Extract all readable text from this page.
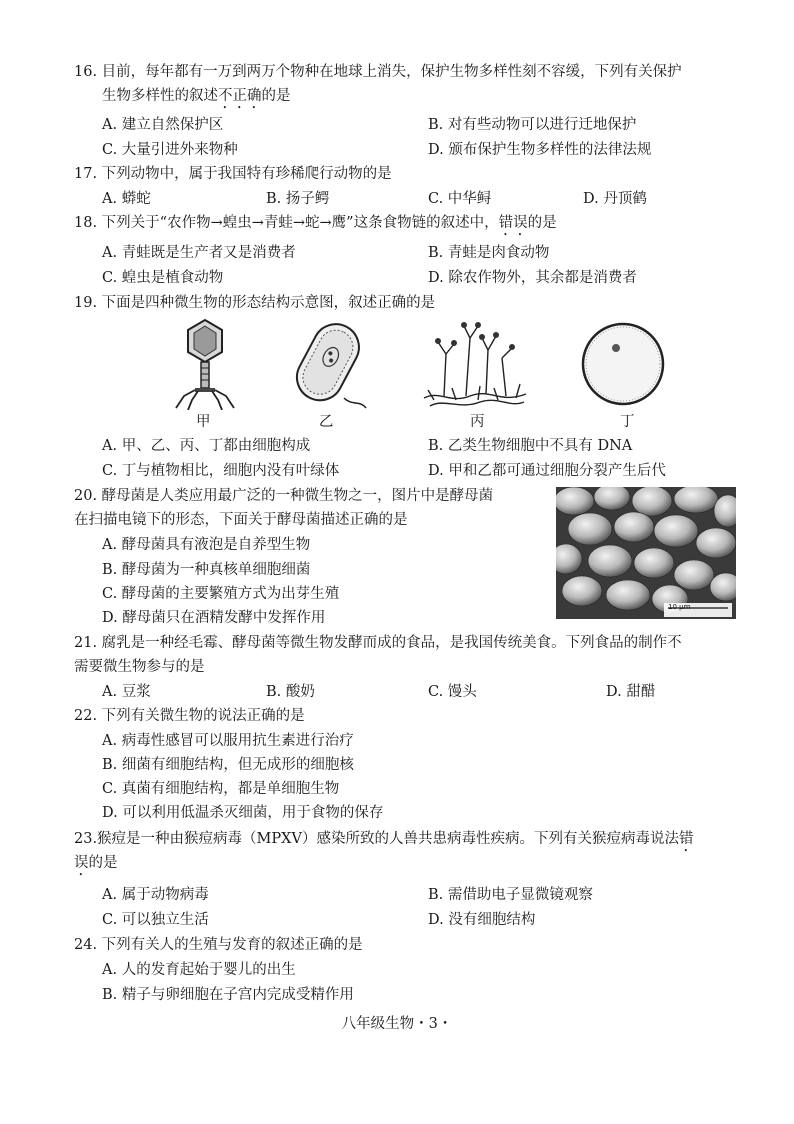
16. 目前，每年都有一万到两万个物种在地球上消失，保护生物多样性刻不容缓，下列有关保护
生物多样性的叙述不正确的是
A. 建立自然保护区	B. 对有些动物可以进行迁地保护
C. 大量引进外来物种	D. 颁布保护生物多样性的法律法规
17. 下列动物中，属于我国特有珍稀爬行动物的是
A. 蟒蛇	B. 扬子鳄	C. 中华鲟	D. 丹顶鹤
18. 下列关于“农作物→蝗虫→青蛙→蛇→鹰”这条食物链的叙述中，错误的是
A. 青蛙既是生产者又是消费者	B. 青蛙是肉食动物
C. 蝗虫是植食动物	D. 除农作物外，其余都是消费者
19. 下面是四种微生物的形态结构示意图，叙述正确的是
甲	乙	丙	丁
A. 甲、乙、丙、丁都由细胞构成	B. 乙类生物细胞中不具有 DNA
C. 丁与植物相比，细胞内没有叶绿体	D. 甲和乙都可通过细胞分裂产生后代
20. 酵母菌是人类应用最广泛的一种微生物之一，图片中是酵母菌
在扫描电镜下的形态，下面关于酵母菌描述正确的是
A. 酵母菌具有液泡是自养型生物
B. 酵母菌为一种真核单细胞细菌
C. 酵母菌的主要繁殖方式为出芽生殖
D. 酵母菌只在酒精发酵中发挥作用
10 μm
21. 腐乳是一种经毛霉、酵母菌等微生物发酵而成的食品，是我国传统美食。下列食品的制作不
需要微生物参与的是
A. 豆浆	B. 酸奶	C. 馒头	D. 甜醋
22. 下列有关微生物的说法正确的是
A. 病毒性感冒可以服用抗生素进行治疗
B. 细菌有细胞结构，但无成形的细胞核
C. 真菌有细胞结构，都是单细胞生物
D. 可以利用低温杀灭细菌，用于食物的保存
23.猴痘是一种由猴痘病毒（MPXV）感染所致的人兽共患病毒性疾病。下列有关猴痘病毒说法错
误的是
A. 属于动物病毒	B. 需借助电子显微镜观察
C. 可以独立生活	D. 没有细胞结构
24. 下列有关人的生殖与发育的叙述正确的是
A. 人的发育起始于婴儿的出生
B. 精子与卵细胞在子宫内完成受精作用
八年级生物・3・
